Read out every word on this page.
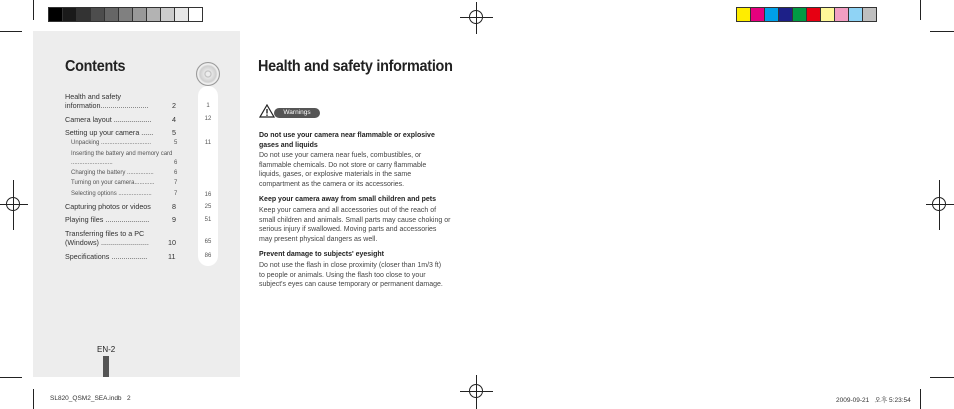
Contents
Health and safety information........................	2
Camera layout ...................	4
Setting up your camera ......	5
Unpacking ..............................	5
Inserting the battery and memory card .........................	6
Charging the battery ................	6
Turning on your camera............	7
Selecting options ....................	7
Capturing photos or videos	8
Playing files ......................	9
Transferring files to a PC (Windows) ........................	10
Specifications ..................	11
1
12
11
16
25
51
65
86
EN-2
Health and safety information
Warnings
Do not use your camera near flammable or explosive gases and liquids
Do not use your camera near fuels, combustibles, or flammable chemicals. Do not store or carry flammable liquids, gases, or explosive materials in the same compartment as the camera or its accessories.
Keep your camera away from small children and pets
Keep your camera and all accessories out of the reach of small children and animals. Small parts may cause choking or serious injury if swallowed. Moving parts and accessories may present physical dangers as well.
Prevent damage to subjects' eyesight
Do not use the flash in close proximity (closer than 1m/3 ft) to people or animals. Using the flash too close to your subject's eyes can cause temporary or permanent damage.
SL820_QSM2_SEA.indb   2	2009-09-21   오후 5:23:54
